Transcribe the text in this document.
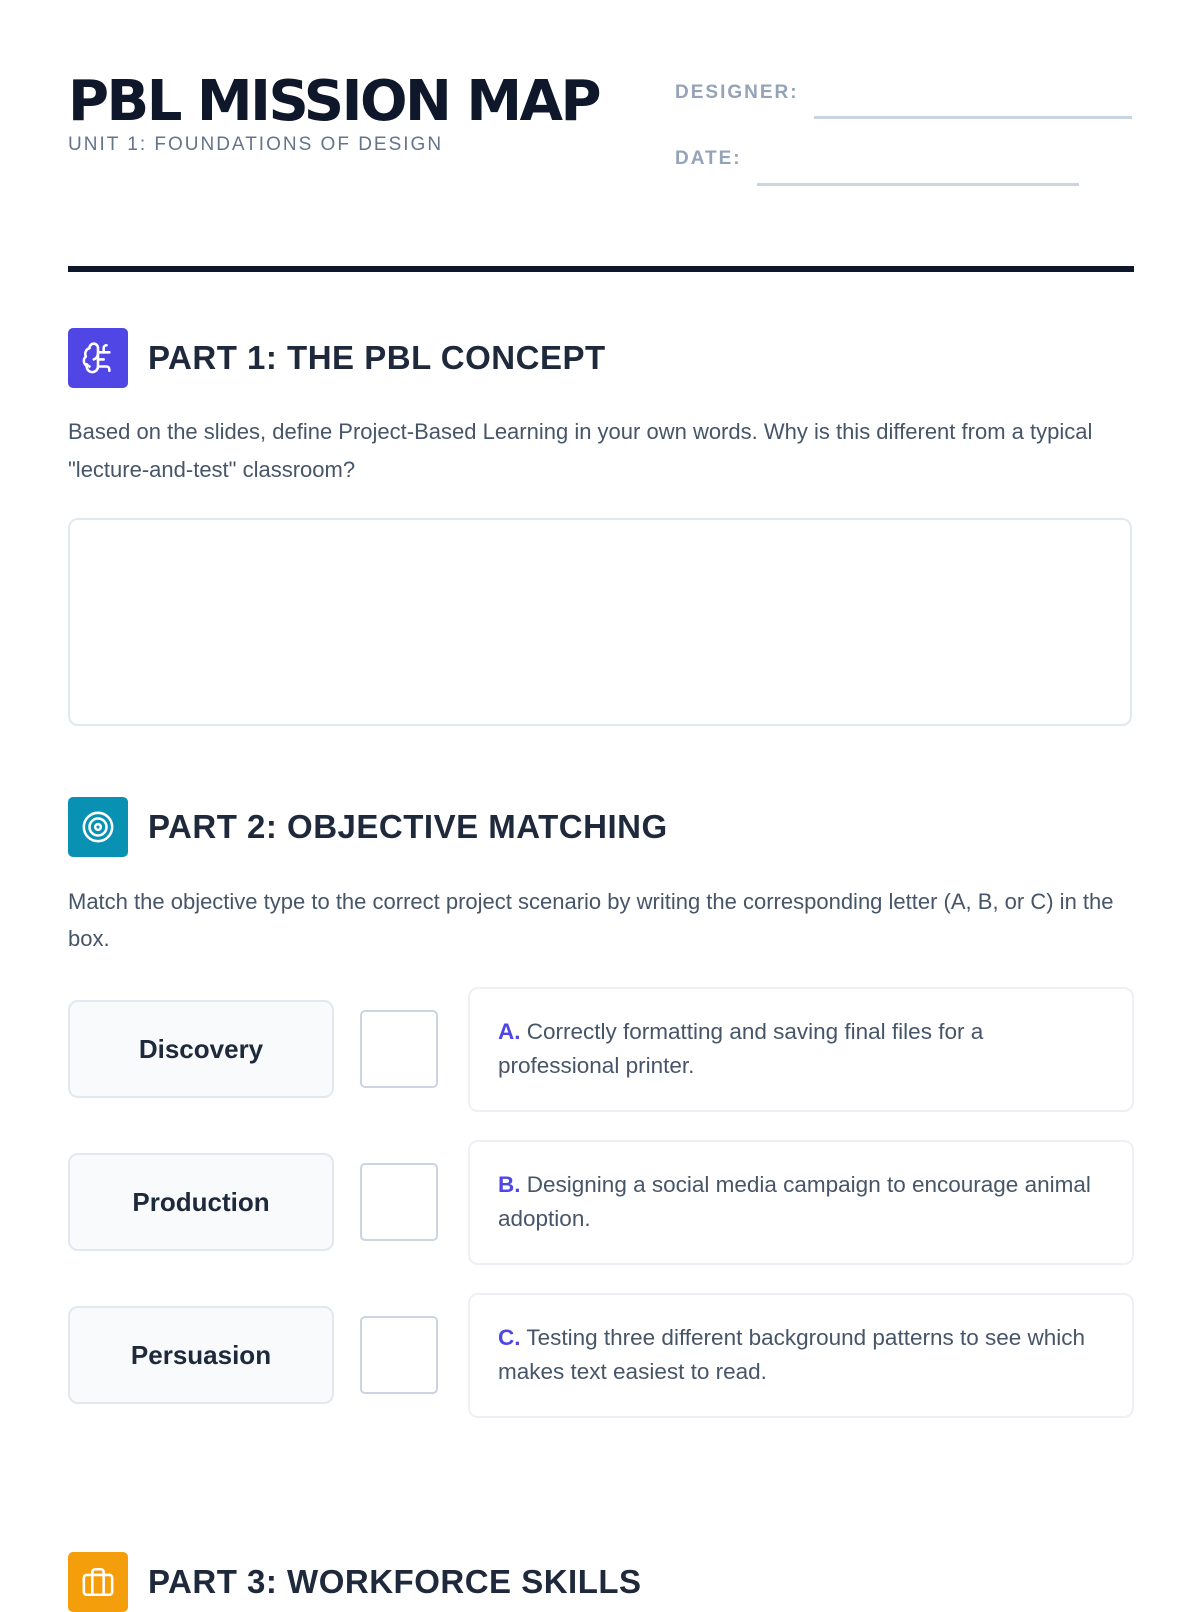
PBL MISSION MAP
UNIT 1: FOUNDATIONS OF DESIGN
DESIGNER:
DATE:
PART 1: THE PBL CONCEPT
Based on the slides, define Project-Based Learning in your own words. Why is this different from a typical "lecture-and-test" classroom?
PART 2: OBJECTIVE MATCHING
Match the objective type to the correct project scenario by writing the corresponding letter (A, B, or C) in the box.
Discovery
A. Correctly formatting and saving final files for a professional printer.
Production
B. Designing a social media campaign to encourage animal adoption.
Persuasion
C. Testing three different background patterns to see which makes text easiest to read.
PART 3: WORKFORCE SKILLS
